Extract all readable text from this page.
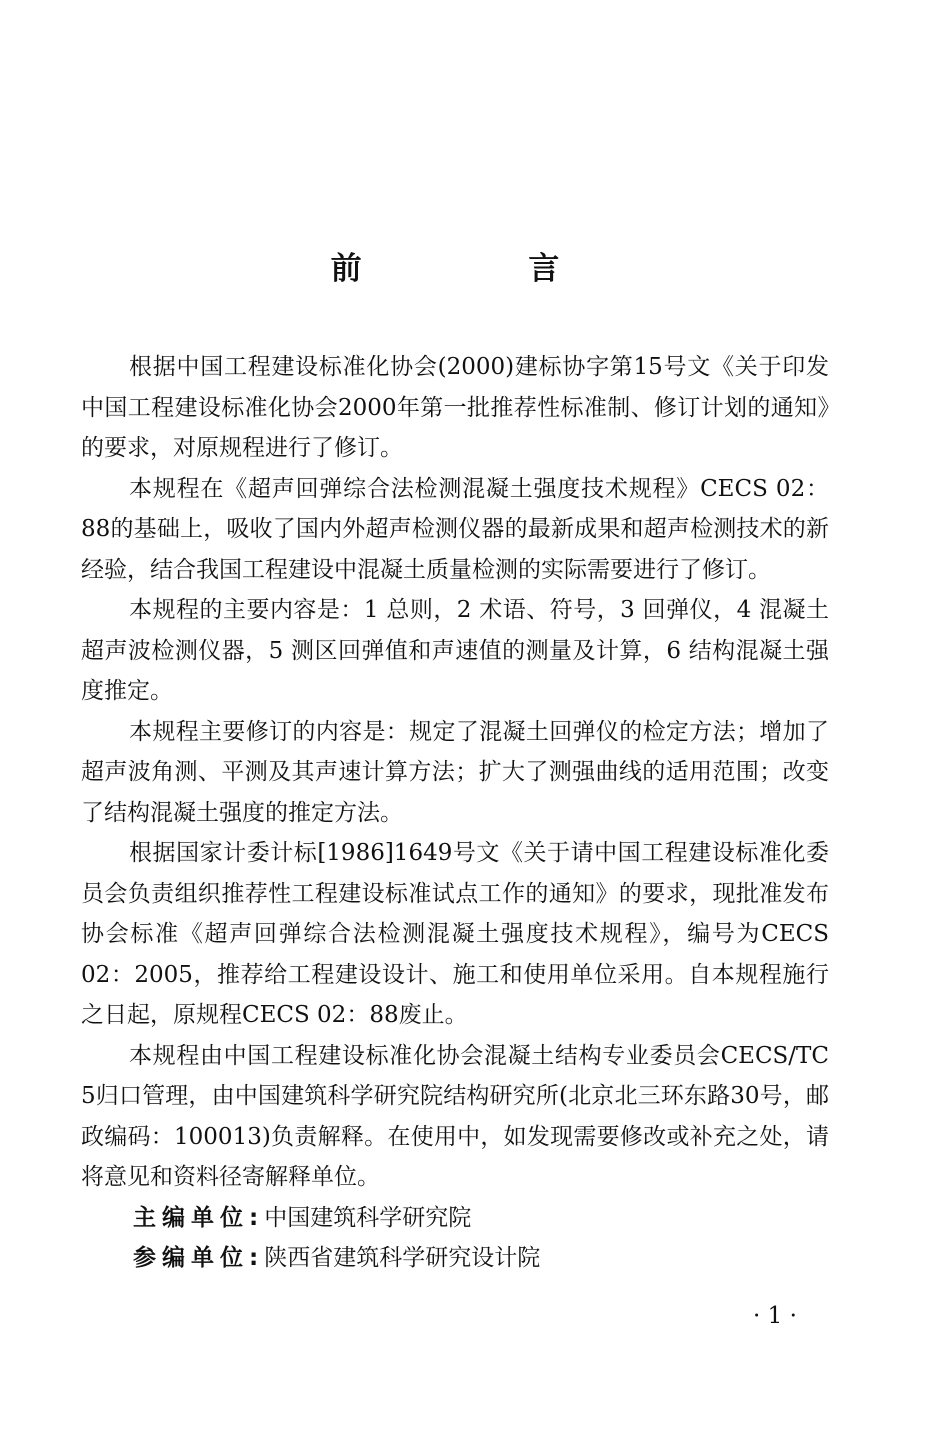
前 言

根据中国工程建设标准化协会(2000)建标协字第15号文《关于印发中国工程建设标准化协会2000年第一批推荐性标准制、修订计划的通知》的要求，对原规程进行了修订。

本规程在《超声回弹综合法检测混凝土强度技术规程》CECS 02：88的基础上，吸收了国内外超声检测仪器的最新成果和超声检测技术的新经验，结合我国工程建设中混凝土质量检测的实际需要进行了修订。

本规程的主要内容是：1 总则，2 术语、符号，3 回弹仪，4 混凝土超声波检测仪器，5 测区回弹值和声速值的测量及计算，6 结构混凝土强度推定。

本规程主要修订的内容是：规定了混凝土回弹仪的检定方法；增加了超声波角测、平测及其声速计算方法；扩大了测强曲线的适用范围；改变了结构混凝土强度的推定方法。

根据国家计委计标[1986]1649号文《关于请中国工程建设标准化委员会负责组织推荐性工程建设标准试点工作的通知》的要求，现批准发布协会标准《超声回弹综合法检测混凝土强度技术规程》，编号为CECS 02：2005，推荐给工程建设设计、施工和使用单位采用。自本规程施行之日起，原规程CECS 02：88废止。

本规程由中国工程建设标准化协会混凝土结构专业委员会CECS/TC 5归口管理，由中国建筑科学研究院结构研究所(北京北三环东路30号，邮政编码：100013)负责解释。在使用中，如发现需要修改或补充之处，请将意见和资料径寄解释单位。

主编单位:中国建筑科学研究院

参编单位:陕西省建筑科学研究设计院

· 1 ·
